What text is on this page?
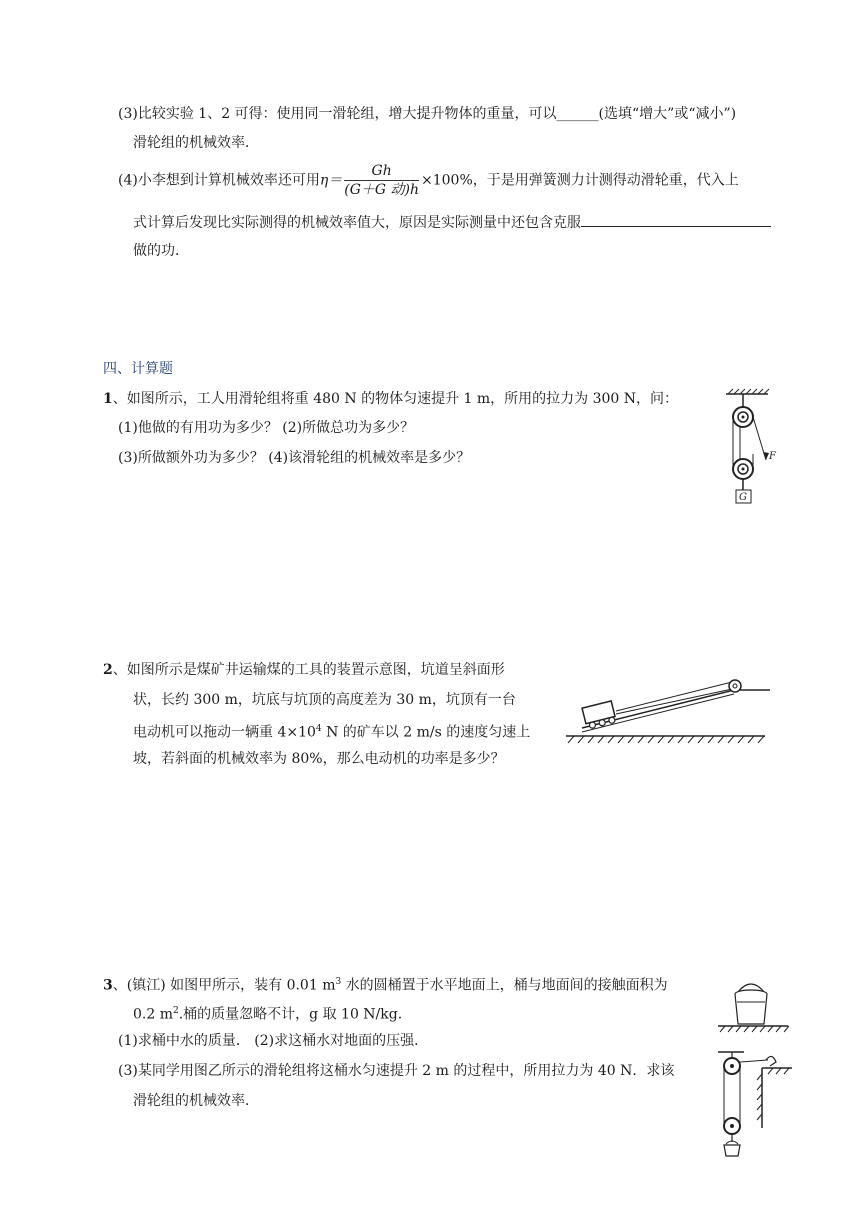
(3)比较实验 1、2 可得：使用同一滑轮组，增大提升物体的重量，可以______(选填“增大”或“减小”)
滑轮组的机械效率．
(4)小李想到计算机械效率还可用$\eta= \frac{Gh}{\text{(G＋G 动)h}} \times 100\%$，于是用弹簧测力计测得动滑轮重，代入上
式计算后发现比实际测得的机械效率值大，原因是实际测量中还包含克服
做的功．
四、计算题
1、如图所示，工人用滑轮组将重 480 N 的物体匀速提升 1 m，所用的拉力为 300 N，问：
(1)他做的有用功为多少？ (2)所做总功为多少？
(3)所做额外功为多少？ (4)该滑轮组的机械效率是多少？	F
G
2、如图所示是煤矿井运输煤的工具的装置示意图，坑道呈斜面形
状，长约 300 m，坑底与坑顶的高度差为 30 m，坑顶有一台
电动机可以拖动一辆重 $4\times 10^4$ N 的矿车以 2 m/s 的速度匀速上
坡，若斜面的机械效率为 80%，那么电动机的功率是多少？
3、(镇江) 如图甲所示，装有 0.01 $m^3$ 水的圆桶置于水平地面上，桶与地面间的接触面积为
0.2 $m^2$.桶的质量忽略不计，g 取 10 N/kg.
(1)求桶中水的质量． (2)求这桶水对地面的压强．
(3)某同学用图乙所示的滑轮组将这桶水匀速提升 2 m 的过程中，所用拉力为 40 N．求该
滑轮组的机械效率．
